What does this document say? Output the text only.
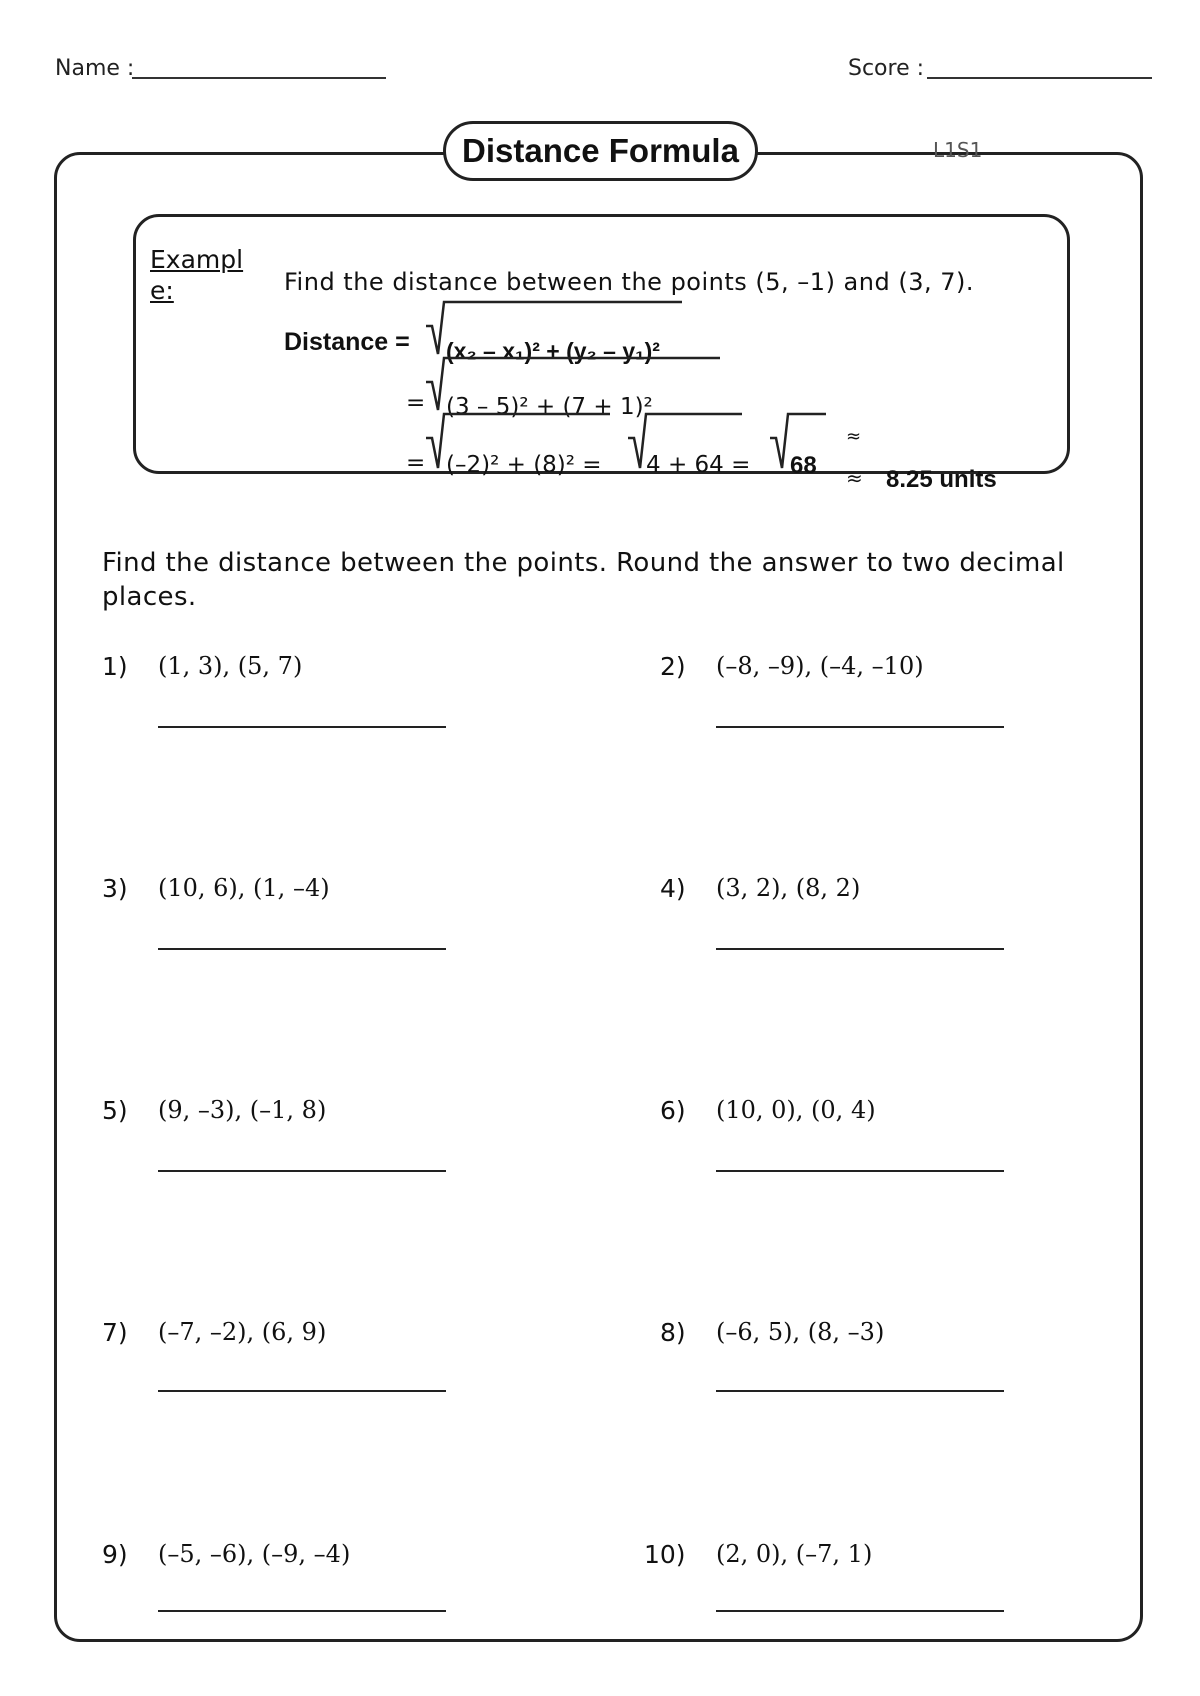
Name :	Score :
Distance Formula	L1S1
Example:	Find the distance between the points (5, –1) and (3, 7).
Distance = (x₂ – x₁)² + (y₂ – y₁)²
= (3 – 5)² + (7 + 1)²
= (–2)² + (8)² = 4 + 64 = 68
≈
≈ 8.25 units
Find the distance between the points. Round the answer to two decimal places.
1) (1, 3), (5, 7)
3) (10, 6), (1, –4)
5) (9, –3), (–1, 8)
7) (–7, –2), (6, 9)
9) (–5, –6), (–9, –4)
2) (–8, –9), (–4, –10)
4) (3, 2), (8, 2)
6) (10, 0), (0, 4)
8) (–6, 5), (8, –3)
10) (2, 0), (–7, 1)
